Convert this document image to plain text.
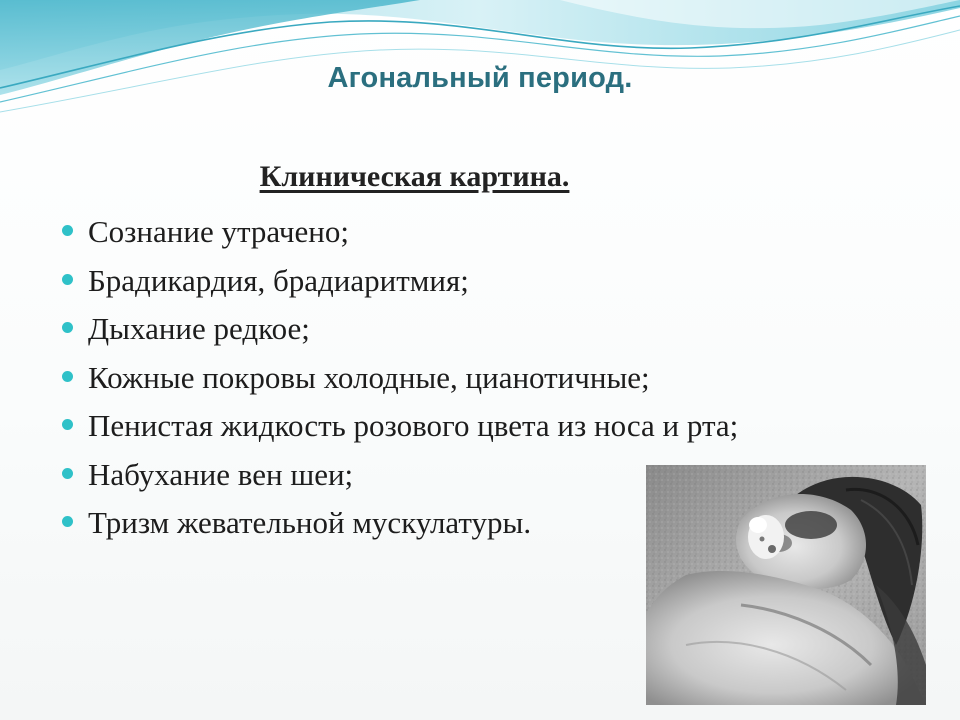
Агональный период.
Клиническая картина.
Сознание утрачено;
Брадикардия, брадиаритмия;
Дыхание редкое;
Кожные покровы холодные, цианотичные;
Пенистая жидкость розового цвета из носа и рта;
Набухание вен шеи;
Тризм жевательной мускулатуры.
